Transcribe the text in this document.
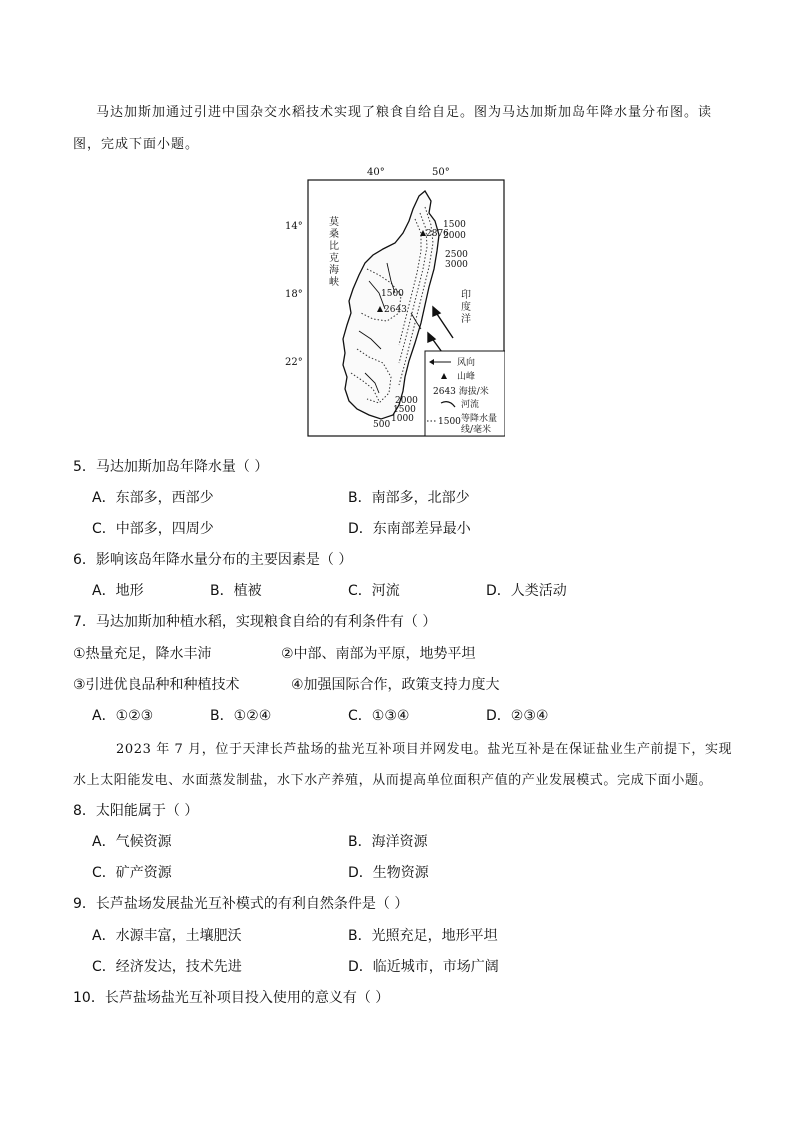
马达加斯加通过引进中国杂交水稻技术实现了粮食自给自足。图为马达加斯加岛年降水量分布图。读
图，完成下面小题。
40°	50°
2876
2643
1500
2000
2500
3000
1500
2000
1500
1000
500
莫
桑
比
克
海
峡
印
度
洋
风向
山峰
2643 海拔/米
河流
1500 等降水量
线/毫米
14°
18°
22°
5．马达加斯加岛年降水量（ ）
A．东部多，西部少	B．南部多，北部少
C．中部多，四周少	D．东南部差异最小
6．影响该岛年降水量分布的主要因素是（ ）
A．地形	B．植被	C．河流	D．人类活动
7．马达加斯加种植水稻，实现粮食自给的有利条件有（ ）
①热量充足，降水丰沛	②中部、南部为平原，地势平坦
③引进优良品种和种植技术	④加强国际合作，政策支持力度大
A．①②③	B．①②④	C．①③④	D．②③④
2023 年 7 月，位于天津长芦盐场的盐光互补项目并网发电。盐光互补是在保证盐业生产前提下，实现
水上太阳能发电、水面蒸发制盐，水下水产养殖，从而提高单位面积产值的产业发展模式。完成下面小题。
8．太阳能属于（ ）
A．气候资源	B．海洋资源
C．矿产资源	D．生物资源
9．长芦盐场发展盐光互补模式的有利自然条件是（ ）
A．水源丰富，土壤肥沃	B．光照充足，地形平坦
C．经济发达，技术先进	D．临近城市，市场广阔
10．长芦盐场盐光互补项目投入使用的意义有（ ）
